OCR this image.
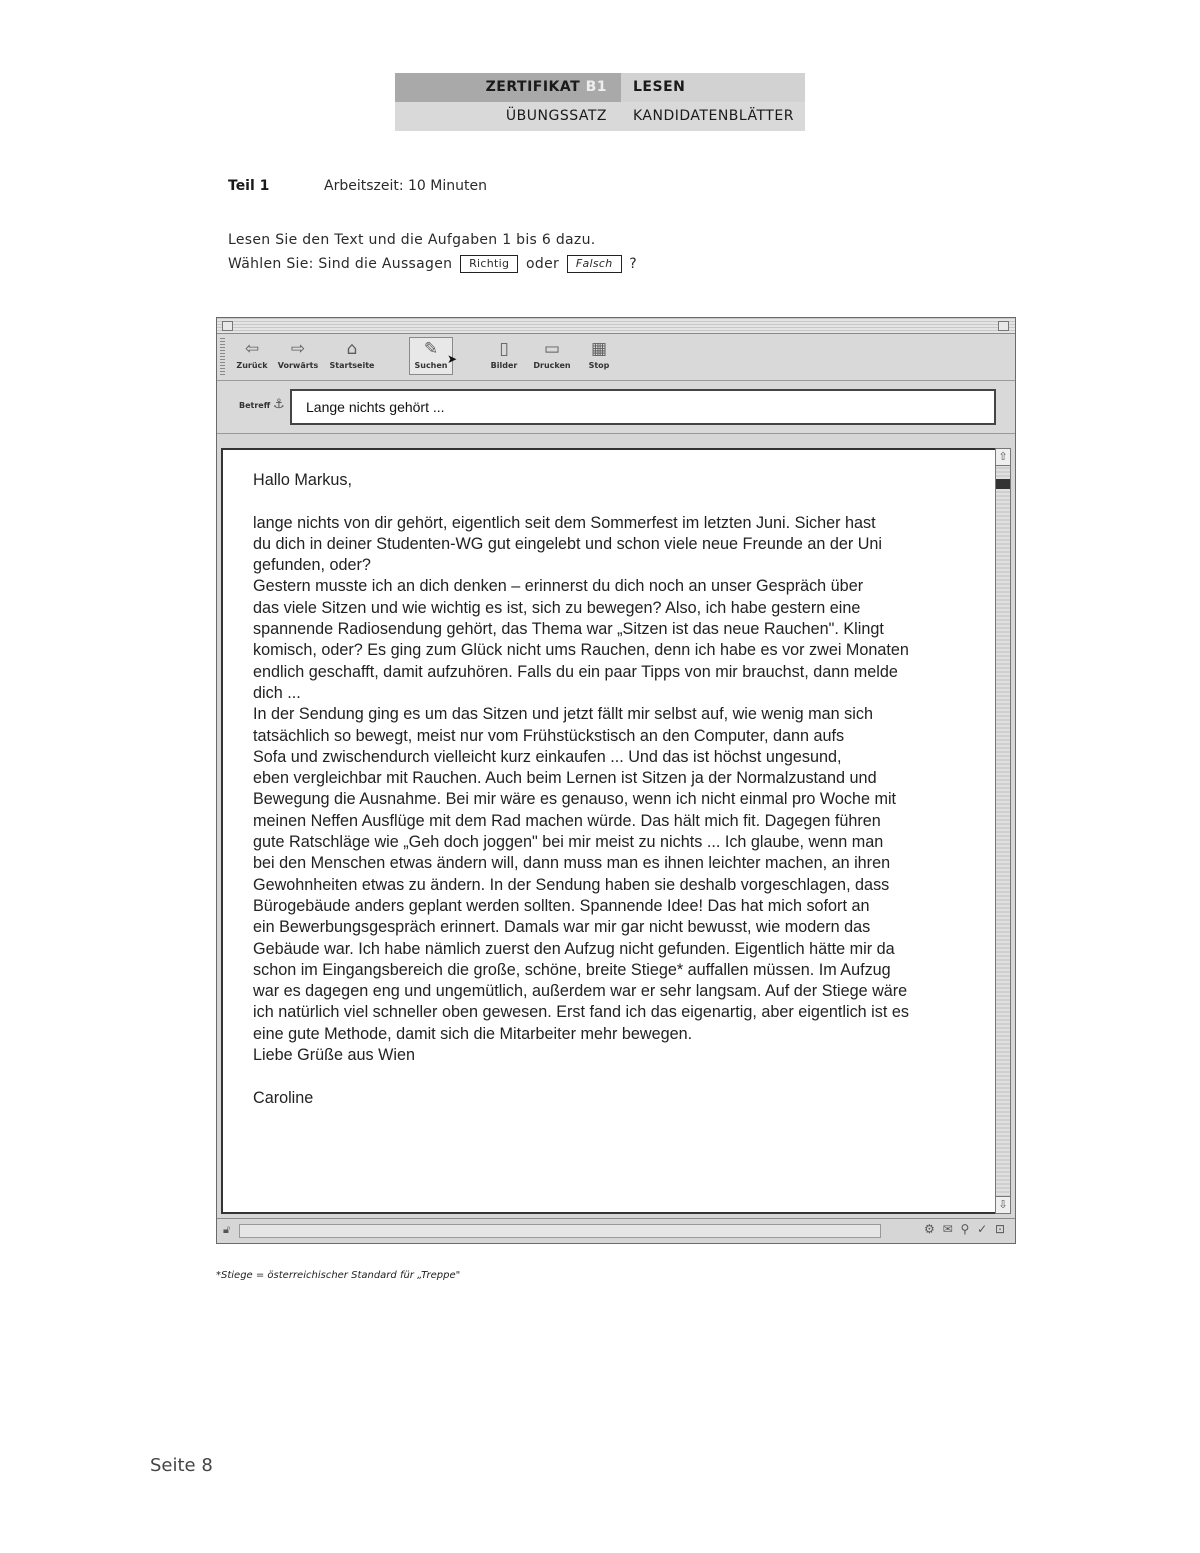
ZERTIFIKAT B1	LESEN
ÜBUNGSSATZ	KANDIDATENBLÄTTER
Teil 1	Arbeitszeit: 10 Minuten
Lesen Sie den Text und die Aufgaben 1 bis 6 dazu.
Wählen Sie: Sind die Aussagen Richtig oder Falsch ?
⇦
Zurück
⇨
Vorwärts
⌂
Startseite
✎
Suchen ➤	▯
Bilder
▭
Drucken
▦
Stop
Betreff ⚓	Lange nichts gehört ...

Hallo Markus,

lange nichts von dir gehört, eigentlich seit dem Sommerfest im letzten Juni. Sicher hast

du dich in deiner Studenten-WG gut eingelebt und schon viele neue Freunde an der Uni

gefunden, oder?

Gestern musste ich an dich denken – erinnerst du dich noch an unser Gespräch über

das viele Sitzen und wie wichtig es ist, sich zu bewegen? Also, ich habe gestern eine

spannende Radiosendung gehört, das Thema war „Sitzen ist das neue Rauchen". Klingt

komisch, oder? Es ging zum Glück nicht ums Rauchen, denn ich habe es vor zwei Monaten

endlich geschafft, damit aufzuhören. Falls du ein paar Tipps von mir brauchst, dann melde

dich ...

In der Sendung ging es um das Sitzen und jetzt fällt mir selbst auf, wie wenig man sich

tatsächlich so bewegt, meist nur vom Frühstückstisch an den Computer, dann aufs

Sofa und zwischendurch vielleicht kurz einkaufen ... Und das ist höchst ungesund,

eben vergleichbar mit Rauchen. Auch beim Lernen ist Sitzen ja der Normalzustand und

Bewegung die Ausnahme. Bei mir wäre es genauso, wenn ich nicht einmal pro Woche mit

meinen Neffen Ausflüge mit dem Rad machen würde. Das hält mich fit. Dagegen führen

gute Ratschläge wie „Geh doch joggen" bei mir meist zu nichts ... Ich glaube, wenn man

bei den Menschen etwas ändern will, dann muss man es ihnen leichter machen, an ihren

Gewohnheiten etwas zu ändern. In der Sendung haben sie deshalb vorgeschlagen, dass

Bürogebäude anders geplant werden sollten. Spannende Idee! Das hat mich sofort an

ein Bewerbungsgespräch erinnert. Damals war mir gar nicht bewusst, wie modern das

Gebäude war. Ich habe nämlich zuerst den Aufzug nicht gefunden. Eigentlich hätte mir da

schon im Eingangsbereich die große, schöne, breite Stiege* auffallen müssen. Im Aufzug

war es dagegen eng und ungemütlich, außerdem war er sehr langsam. Auf der Stiege wäre

ich natürlich viel schneller oben gewesen. Erst fand ich das eigenartig, aber eigentlich ist es

eine gute Methode, damit sich die Mitarbeiter mehr bewegen.

Liebe Grüße aus Wien

Caroline

⇧
⇩
🔓︎	⚙ ✉ ⚲ ✓ ⊡
*Stiege = österreichischer Standard für „Treppe"
Seite 8
